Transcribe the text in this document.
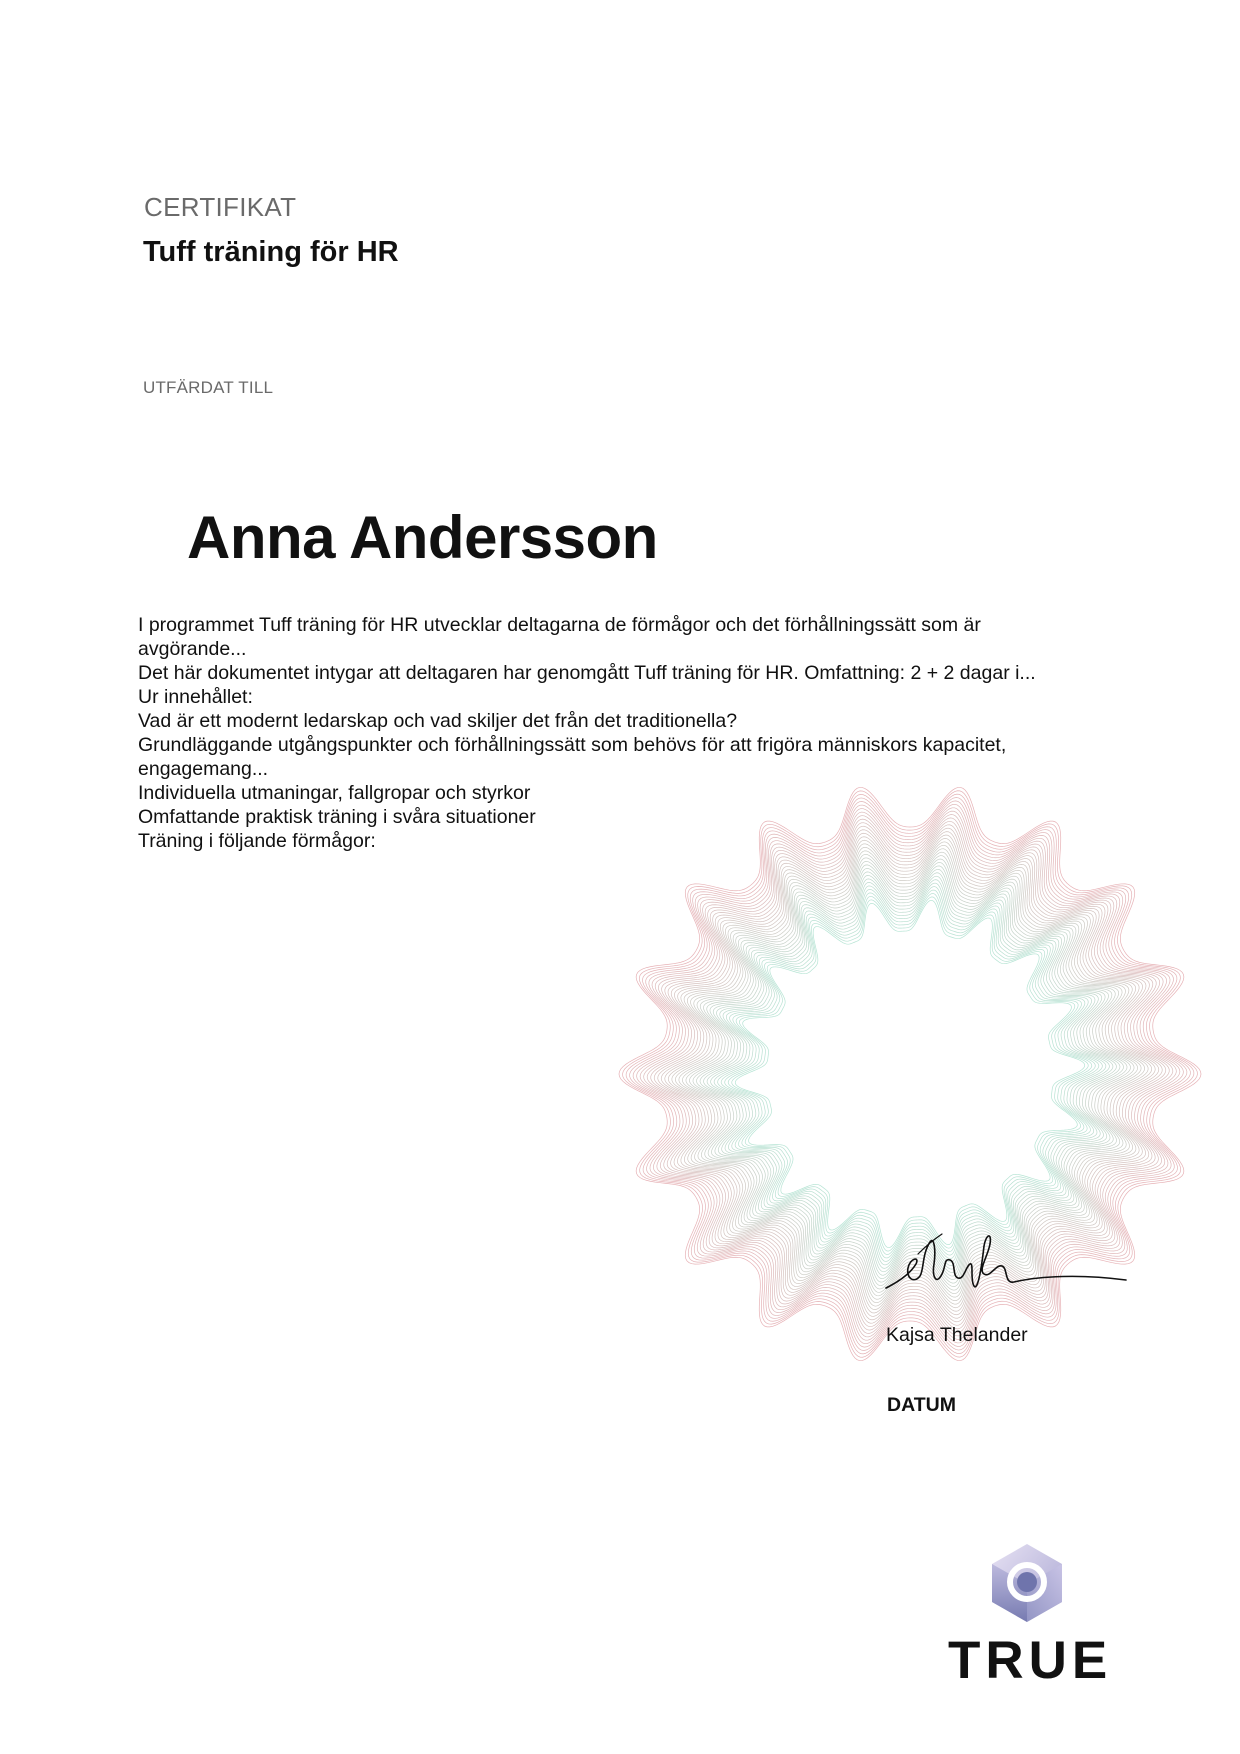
CERTIFIKAT
Tuff träning för HR
UTFÄRDAT TILL
Anna Andersson
I programmet Tuff träning för HR utvecklar deltagarna de förmågor och det förhållningssätt som är
avgörande...
Det här dokumentet intygar att deltagaren har genomgått Tuff träning för HR. Omfattning: 2 + 2 dagar i...
Ur innehållet:
Vad är ett modernt ledarskap och vad skiljer det från det traditionella?
Grundläggande utgångspunkter och förhållningssätt som behövs för att frigöra människors kapacitet,
engagemang...
Individuella utmaningar, fallgropar och styrkor
Omfattande praktisk träning i svåra situationer
Träning i följande förmågor:
Kajsa Thelander
DATUM
TRUE
